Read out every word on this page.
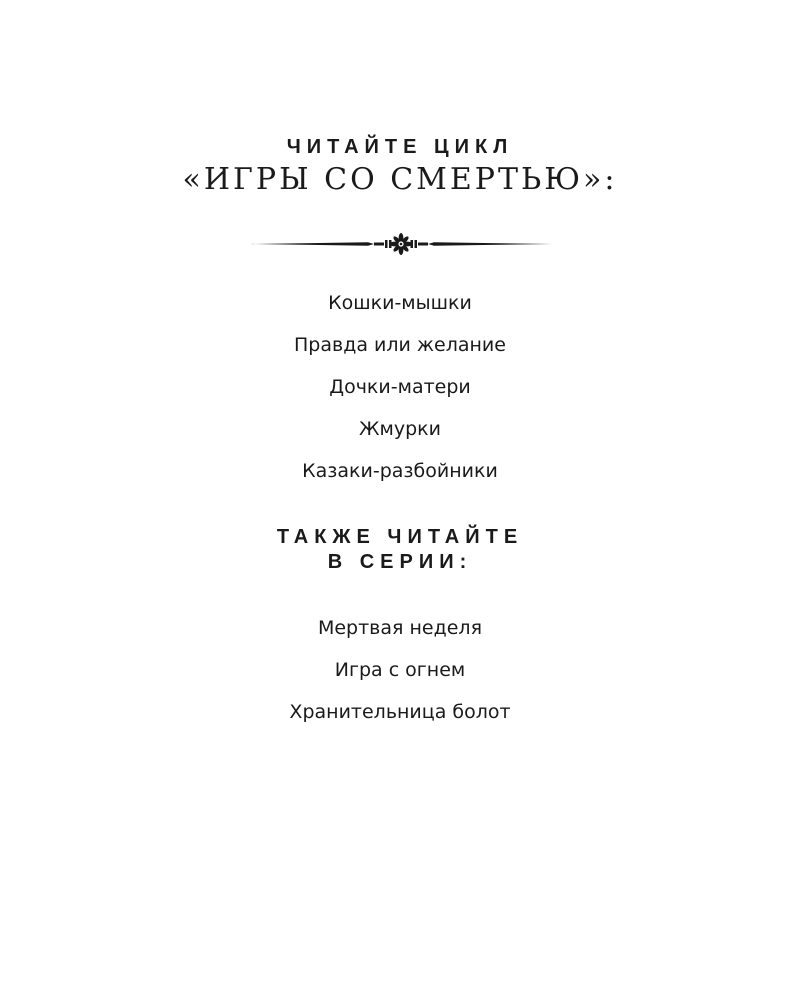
ЧИТАЙТЕ ЦИКЛ
«ИГРЫ СО СМЕРТЬЮ»:
Кошки-мышки
Правда или желание
Дочки-матери
Жмурки
Казаки-разбойники
ТАКЖЕ ЧИТАЙТЕ
В СЕРИИ:
Мертвая неделя
Игра с огнем
Хранительница болот
